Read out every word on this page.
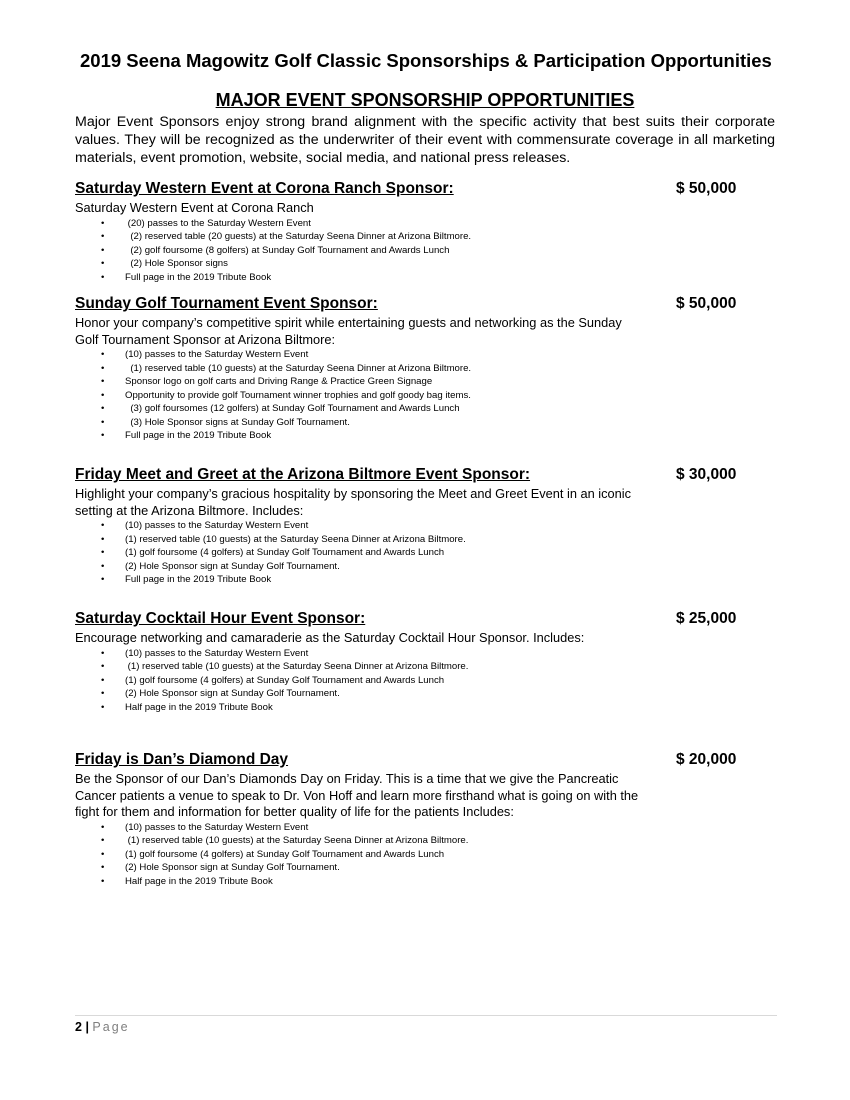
2019 Seena Magowitz Golf Classic Sponsorships & Participation Opportunities
MAJOR EVENT SPONSORSHIP OPPORTUNITIES
Major Event Sponsors enjoy strong brand alignment with the specific activity that best suits their corporate values. They will be recognized as the underwriter of their event with commensurate coverage in all marketing materials, event promotion, website, social media, and national press releases.
Saturday Western Event at Corona Ranch Sponsor:	$ 50,000
Saturday Western Event at Corona Ranch
• (20) passes to the Saturday Western Event
• (2) reserved table (20 guests) at the Saturday Seena Dinner at Arizona Biltmore.
• (2) golf foursome (8 golfers) at Sunday Golf Tournament and Awards Lunch
• (2) Hole Sponsor signs
• Full page in the 2019 Tribute Book
Sunday Golf Tournament Event Sponsor:	$ 50,000
Honor your company’s competitive spirit while entertaining guests and networking as the Sunday Golf Tournament Sponsor at Arizona Biltmore:
• (10) passes to the Saturday Western Event
• (1) reserved table (10 guests) at the Saturday Seena Dinner at Arizona Biltmore.
• Sponsor logo on golf carts and Driving Range & Practice Green Signage
• Opportunity to provide golf Tournament winner trophies and golf goody bag items.
• (3) golf foursomes (12 golfers) at Sunday Golf Tournament and Awards Lunch
• (3) Hole Sponsor signs at Sunday Golf Tournament.
• Full page in the 2019 Tribute Book
Friday Meet and Greet at the Arizona Biltmore Event Sponsor:	$ 30,000
Highlight your company’s gracious hospitality by sponsoring the Meet and Greet Event in an iconic setting at the Arizona Biltmore. Includes:
• (10) passes to the Saturday Western Event
• (1) reserved table (10 guests) at the Saturday Seena Dinner at Arizona Biltmore.
• (1) golf foursome (4 golfers) at Sunday Golf Tournament and Awards Lunch
• (2) Hole Sponsor sign at Sunday Golf Tournament.
• Full page in the 2019 Tribute Book
Saturday Cocktail Hour Event Sponsor:	$ 25,000
Encourage networking and camaraderie as the Saturday Cocktail Hour Sponsor. Includes:
• (10) passes to the Saturday Western Event
• (1) reserved table (10 guests) at the Saturday Seena Dinner at Arizona Biltmore.
• (1) golf foursome (4 golfers) at Sunday Golf Tournament and Awards Lunch
• (2) Hole Sponsor sign at Sunday Golf Tournament.
• Half page in the 2019 Tribute Book
Friday is Dan’s Diamond Day	$ 20,000
Be the Sponsor of our Dan’s Diamonds Day on Friday. This is a time that we give the Pancreatic Cancer patients a venue to speak to Dr. Von Hoff and learn more firsthand what is going on with the fight for them and information for better quality of life for the patients Includes:
• (10) passes to the Saturday Western Event
• (1) reserved table (10 guests) at the Saturday Seena Dinner at Arizona Biltmore.
• (1) golf foursome (4 golfers) at Sunday Golf Tournament and Awards Lunch
• (2) Hole Sponsor sign at Sunday Golf Tournament.
• Half page in the 2019 Tribute Book
2 | Page
